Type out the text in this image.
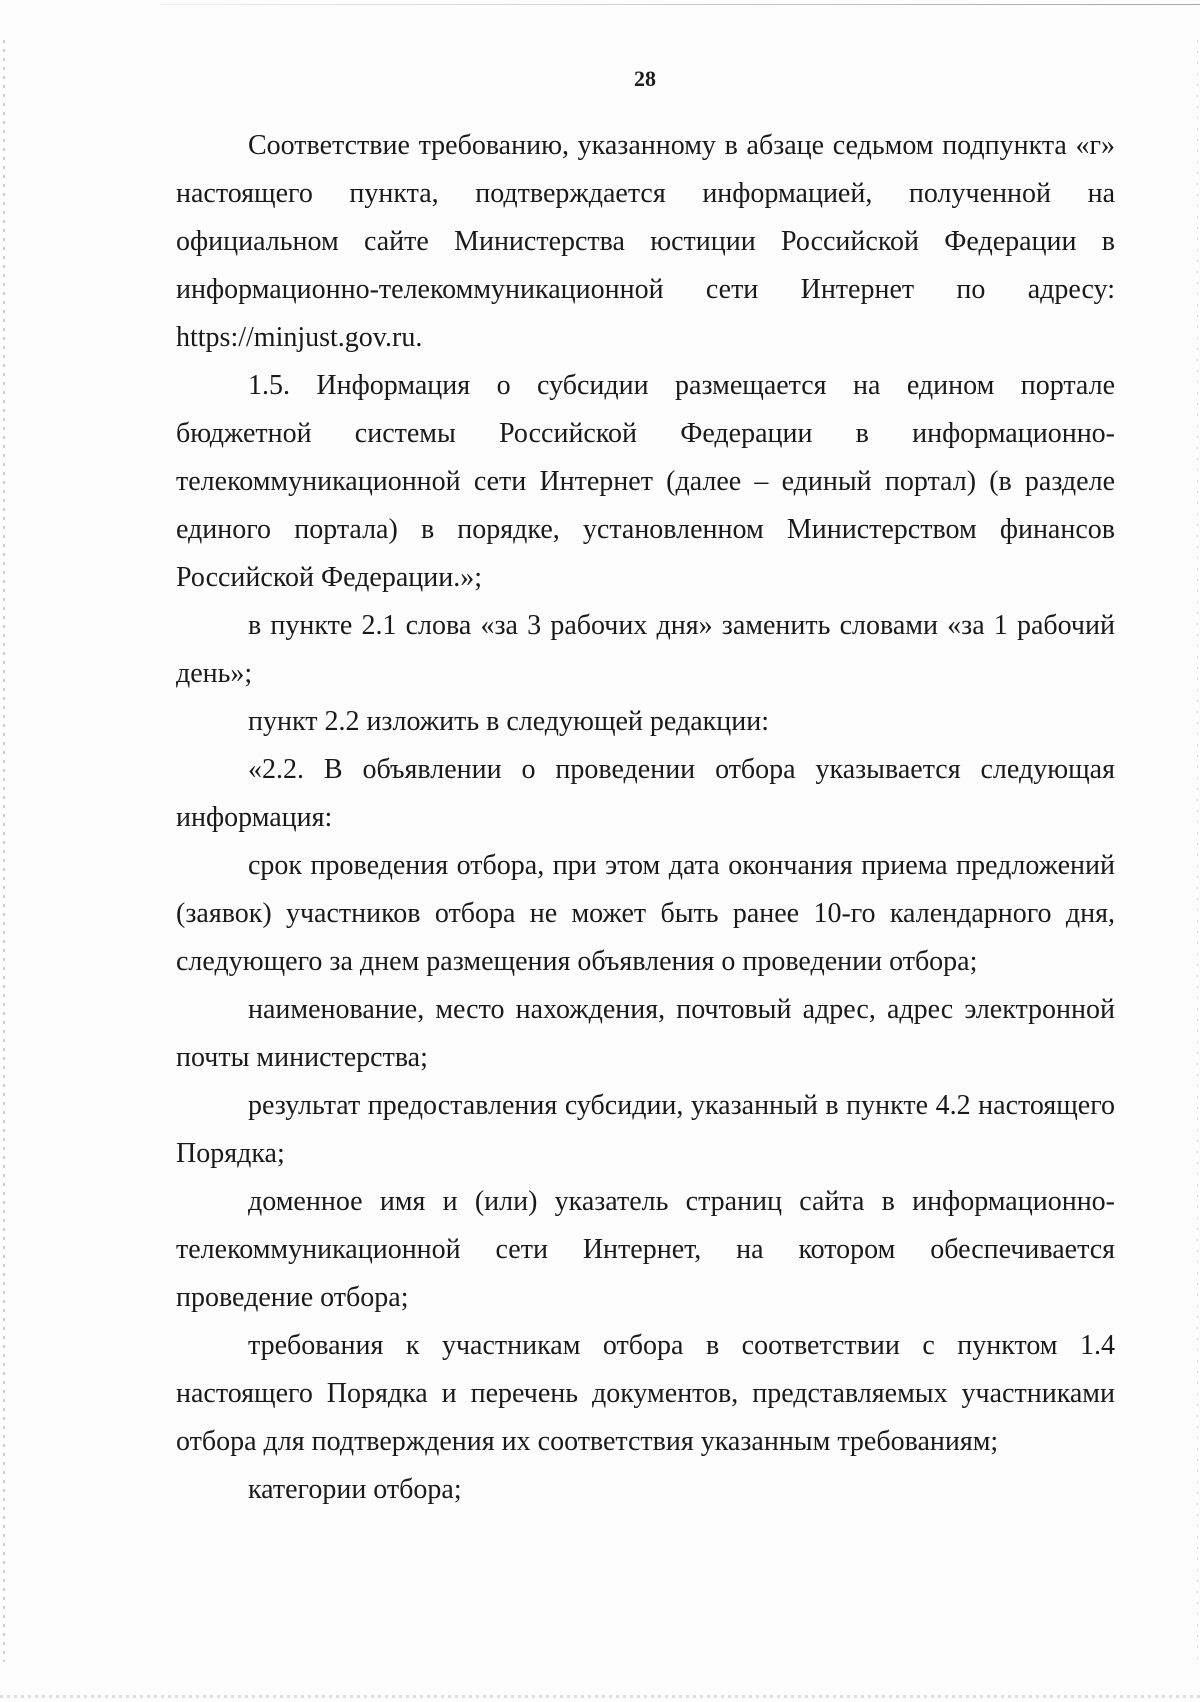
28

Соответствие требованию, указанному в абзаце седьмом подпункта «г» настоящего пункта, подтверждается информацией, полученной на официальном сайте Министерства юстиции Российской Федерации в информационно-телекоммуникационной сети Интернет по адресу: https://minjust.gov.ru.

1.5. Информация о субсидии размещается на едином портале бюджетной системы Российской Федерации в информационно-телекоммуникационной сети Интернет (далее – единый портал) (в разделе единого портала) в порядке, установленном Министерством финансов Российской Федерации.»;

в пункте 2.1 слова «за 3 рабочих дня» заменить словами «за 1 рабочий день»;

пункт 2.2 изложить в следующей редакции:

«2.2. В объявлении о проведении отбора указывается следующая информация:

срок проведения отбора, при этом дата окончания приема предложений (заявок) участников отбора не может быть ранее 10-го календарного дня, следующего за днем размещения объявления о проведении отбора;

наименование, место нахождения, почтовый адрес, адрес электронной почты министерства;

результат предоставления субсидии, указанный в пункте 4.2 настоящего Порядка;

доменное имя и (или) указатель страниц сайта в информационно-телекоммуникационной сети Интернет, на котором обеспечивается проведение отбора;

требования к участникам отбора в соответствии с пунктом 1.4 настоящего Порядка и перечень документов, представляемых участниками отбора для подтверждения их соответствия указанным требованиям;

категории отбора;
